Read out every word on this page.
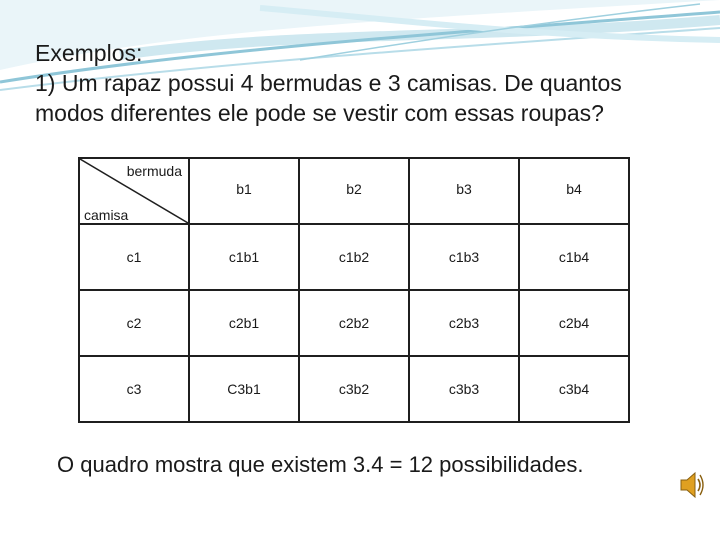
Exemplos:
1) Um rapaz possui 4 bermudas e 3 camisas. De quantos
modos diferentes ele pode se vestir com essas roupas?
bermuda
camisa	b1	b2	b3	b4
c1	c1b1	c1b2	c1b3	c1b4
c2	c2b1	c2b2	c2b3	c2b4
c3	C3b1	c3b2	c3b3	c3b4
O quadro mostra que existem 3.4 = 12 possibilidades.
